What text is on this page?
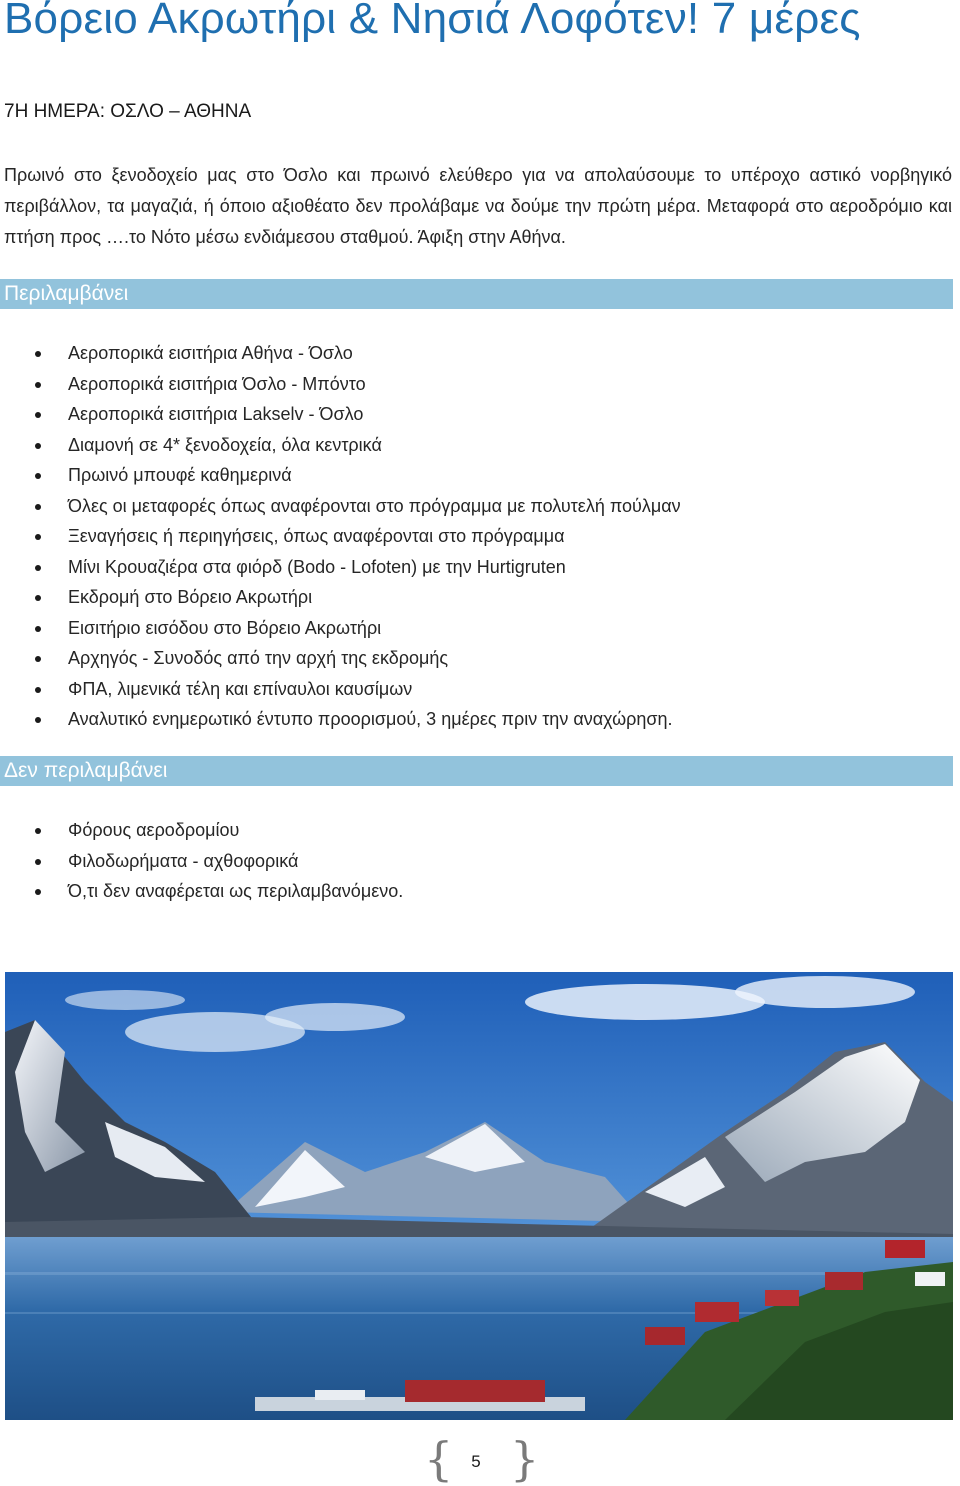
Βόρειο Ακρωτήρι & Νησιά Λοφότεν! 7 μέρες
7Η ΗΜΕΡΑ: ΟΣΛΟ – ΑΘΗΝΑ

Πρωινό στο ξενοδοχείο μας στο Όσλο και πρωινό ελεύθερο για να απολαύσουμε το υπέροχο αστικό νορβηγικό περιβάλλον, τα μαγαζιά, ή όποιο αξιοθέατο δεν προλάβαμε να δούμε την πρώτη μέρα. Μεταφορά στο αεροδρόμιο και πτήση προς ….το Νότο μέσω ενδιάμεσου σταθμού. Άφιξη στην Αθήνα.

Περιλαμβάνει
Αεροπορικά εισιτήρια Αθήνα - Όσλο
Αεροπορικά εισιτήρια Όσλο - Μπόντο
Αεροπορικά εισιτήρια Lakselv - Όσλο
Διαμονή σε 4* ξενοδοχεία, όλα κεντρικά
Πρωινό μπουφέ καθημερινά
Όλες οι μεταφορές όπως αναφέρονται στο πρόγραμμα με πολυτελή πούλμαν
Ξεναγήσεις ή περιηγήσεις, όπως αναφέρονται στο πρόγραμμα
Μίνι Κρουαζιέρα στα φιόρδ (Bodo - Lofoten) με την Hurtigruten
Εκδρομή στο Βόρειο Ακρωτήρι
Εισιτήριο εισόδου στο Βόρειο Ακρωτήρι
Αρχηγός - Συνοδός από την αρχή της εκδρομής
ΦΠΑ, λιμενικά τέλη και επίναυλοι καυσίμων
Αναλυτικό ενημερωτικό έντυπο προορισμού, 3 ημέρες πριν την αναχώρηση.
Δεν περιλαμβάνει
Φόρους αεροδρομίου
Φιλοδωρήματα - αχθοφορικά
Ό,τι δεν αναφέρεται ως περιλαμβανόμενο.
{	5 }
